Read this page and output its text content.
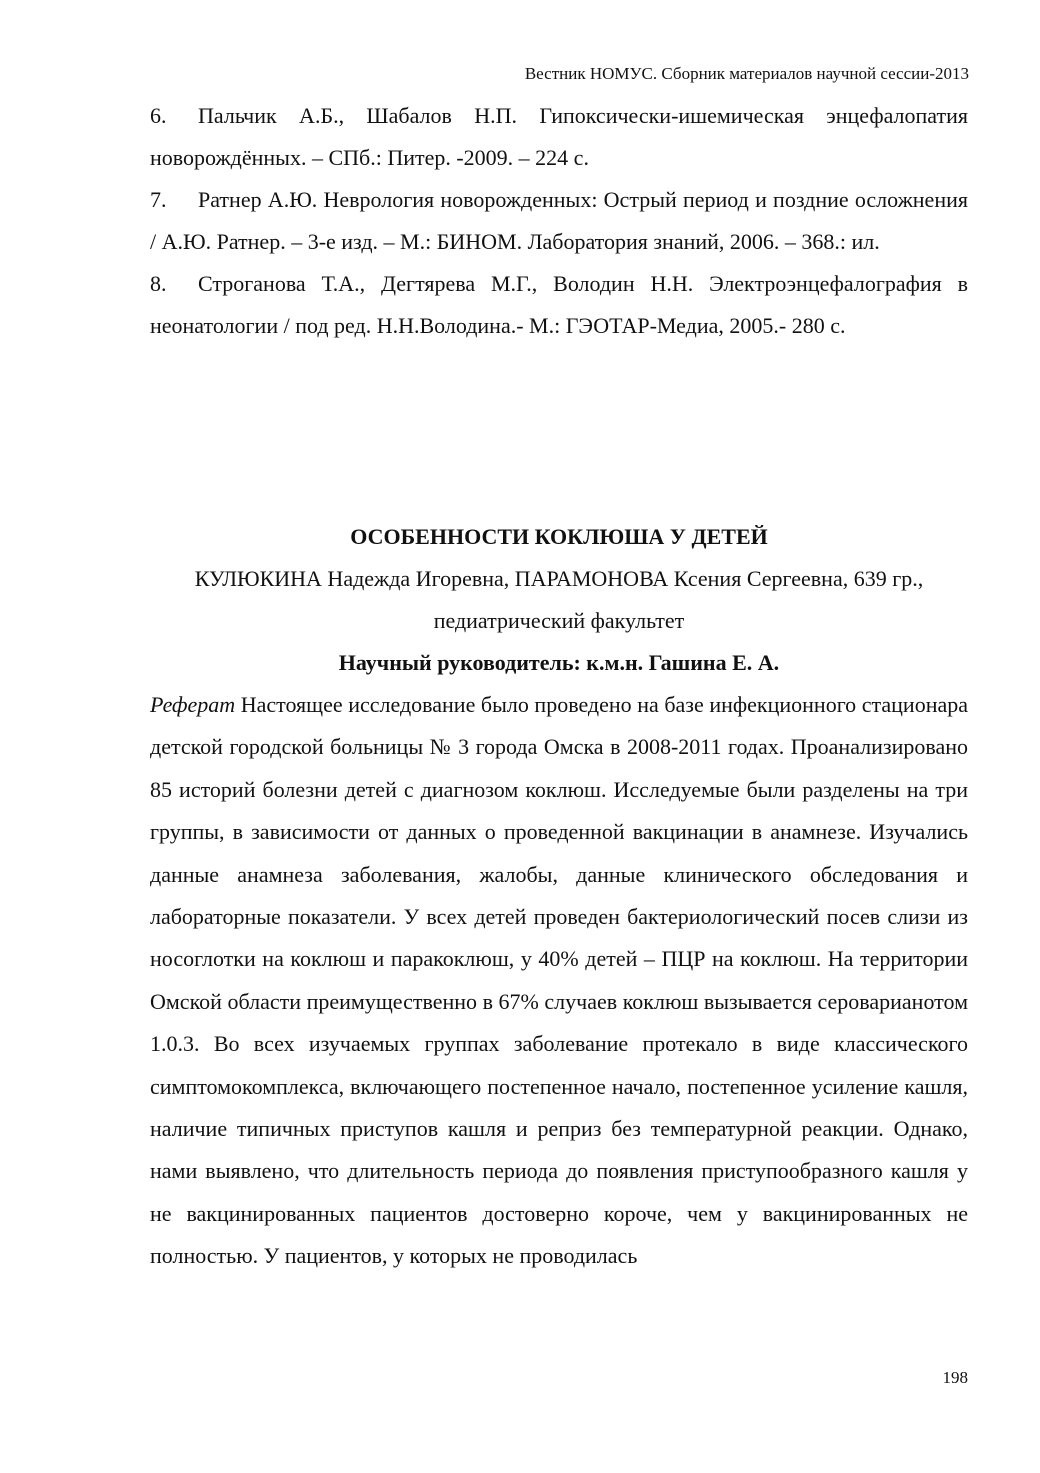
Вестник НОМУС. Сборник материалов научной сессии-2013

6. Пальчик А.Б., Шабалов Н.П. Гипоксически-ишемическая энцефалопатия новорождённых. – СПб.: Питер. -2009. – 224 с.

7. Ратнер А.Ю. Неврология новорожденных: Острый период и поздние осложнения / А.Ю. Ратнер. – 3-е изд. – М.: БИНОМ. Лаборатория знаний, 2006. – 368.: ил.

8. Строганова Т.А., Дегтярева М.Г., Володин Н.Н. Электроэнцефалография в неонатологии / под ред. Н.Н.Володина.- М.: ГЭОТАР-Медиа, 2005.- 280 с.

ОСОБЕННОСТИ КОКЛЮША У ДЕТЕЙ

КУЛЮКИНА Надежда Игоревна, ПАРАМОНОВА Ксения Сергеевна, 639 гр., педиатрический факультет

Научный руководитель: к.м.н. Гашина Е. А.

Реферат Настоящее исследование было проведено на базе инфекционного стационара детской городской больницы № 3 города Омска в 2008-2011 годах. Проанализировано 85 историй болезни детей с диагнозом коклюш. Исследуемые были разделены на три группы, в зависимости от данных о проведенной вакцинации в анамнезе. Изучались данные анамнеза заболевания, жалобы, данные клинического обследования и лабораторные показатели. У всех детей проведен бактериологический посев слизи из носоглотки на коклюш и паракоклюш, у 40% детей – ПЦР на коклюш. На территории Омской области преимущественно в 67% случаев коклюш вызывается сероварианотом 1.0.3. Во всех изучаемых группах заболевание протекало в виде классического симптомокомплекса, включающего постепенное начало, постепенное усиление кашля, наличие типичных приступов кашля и реприз без температурной реакции. Однако, нами выявлено, что длительность периода до появления приступообразного кашля у не вакцинированных пациентов достоверно короче, чем у вакцинированных не полностью. У пациентов, у которых не проводилась

198
